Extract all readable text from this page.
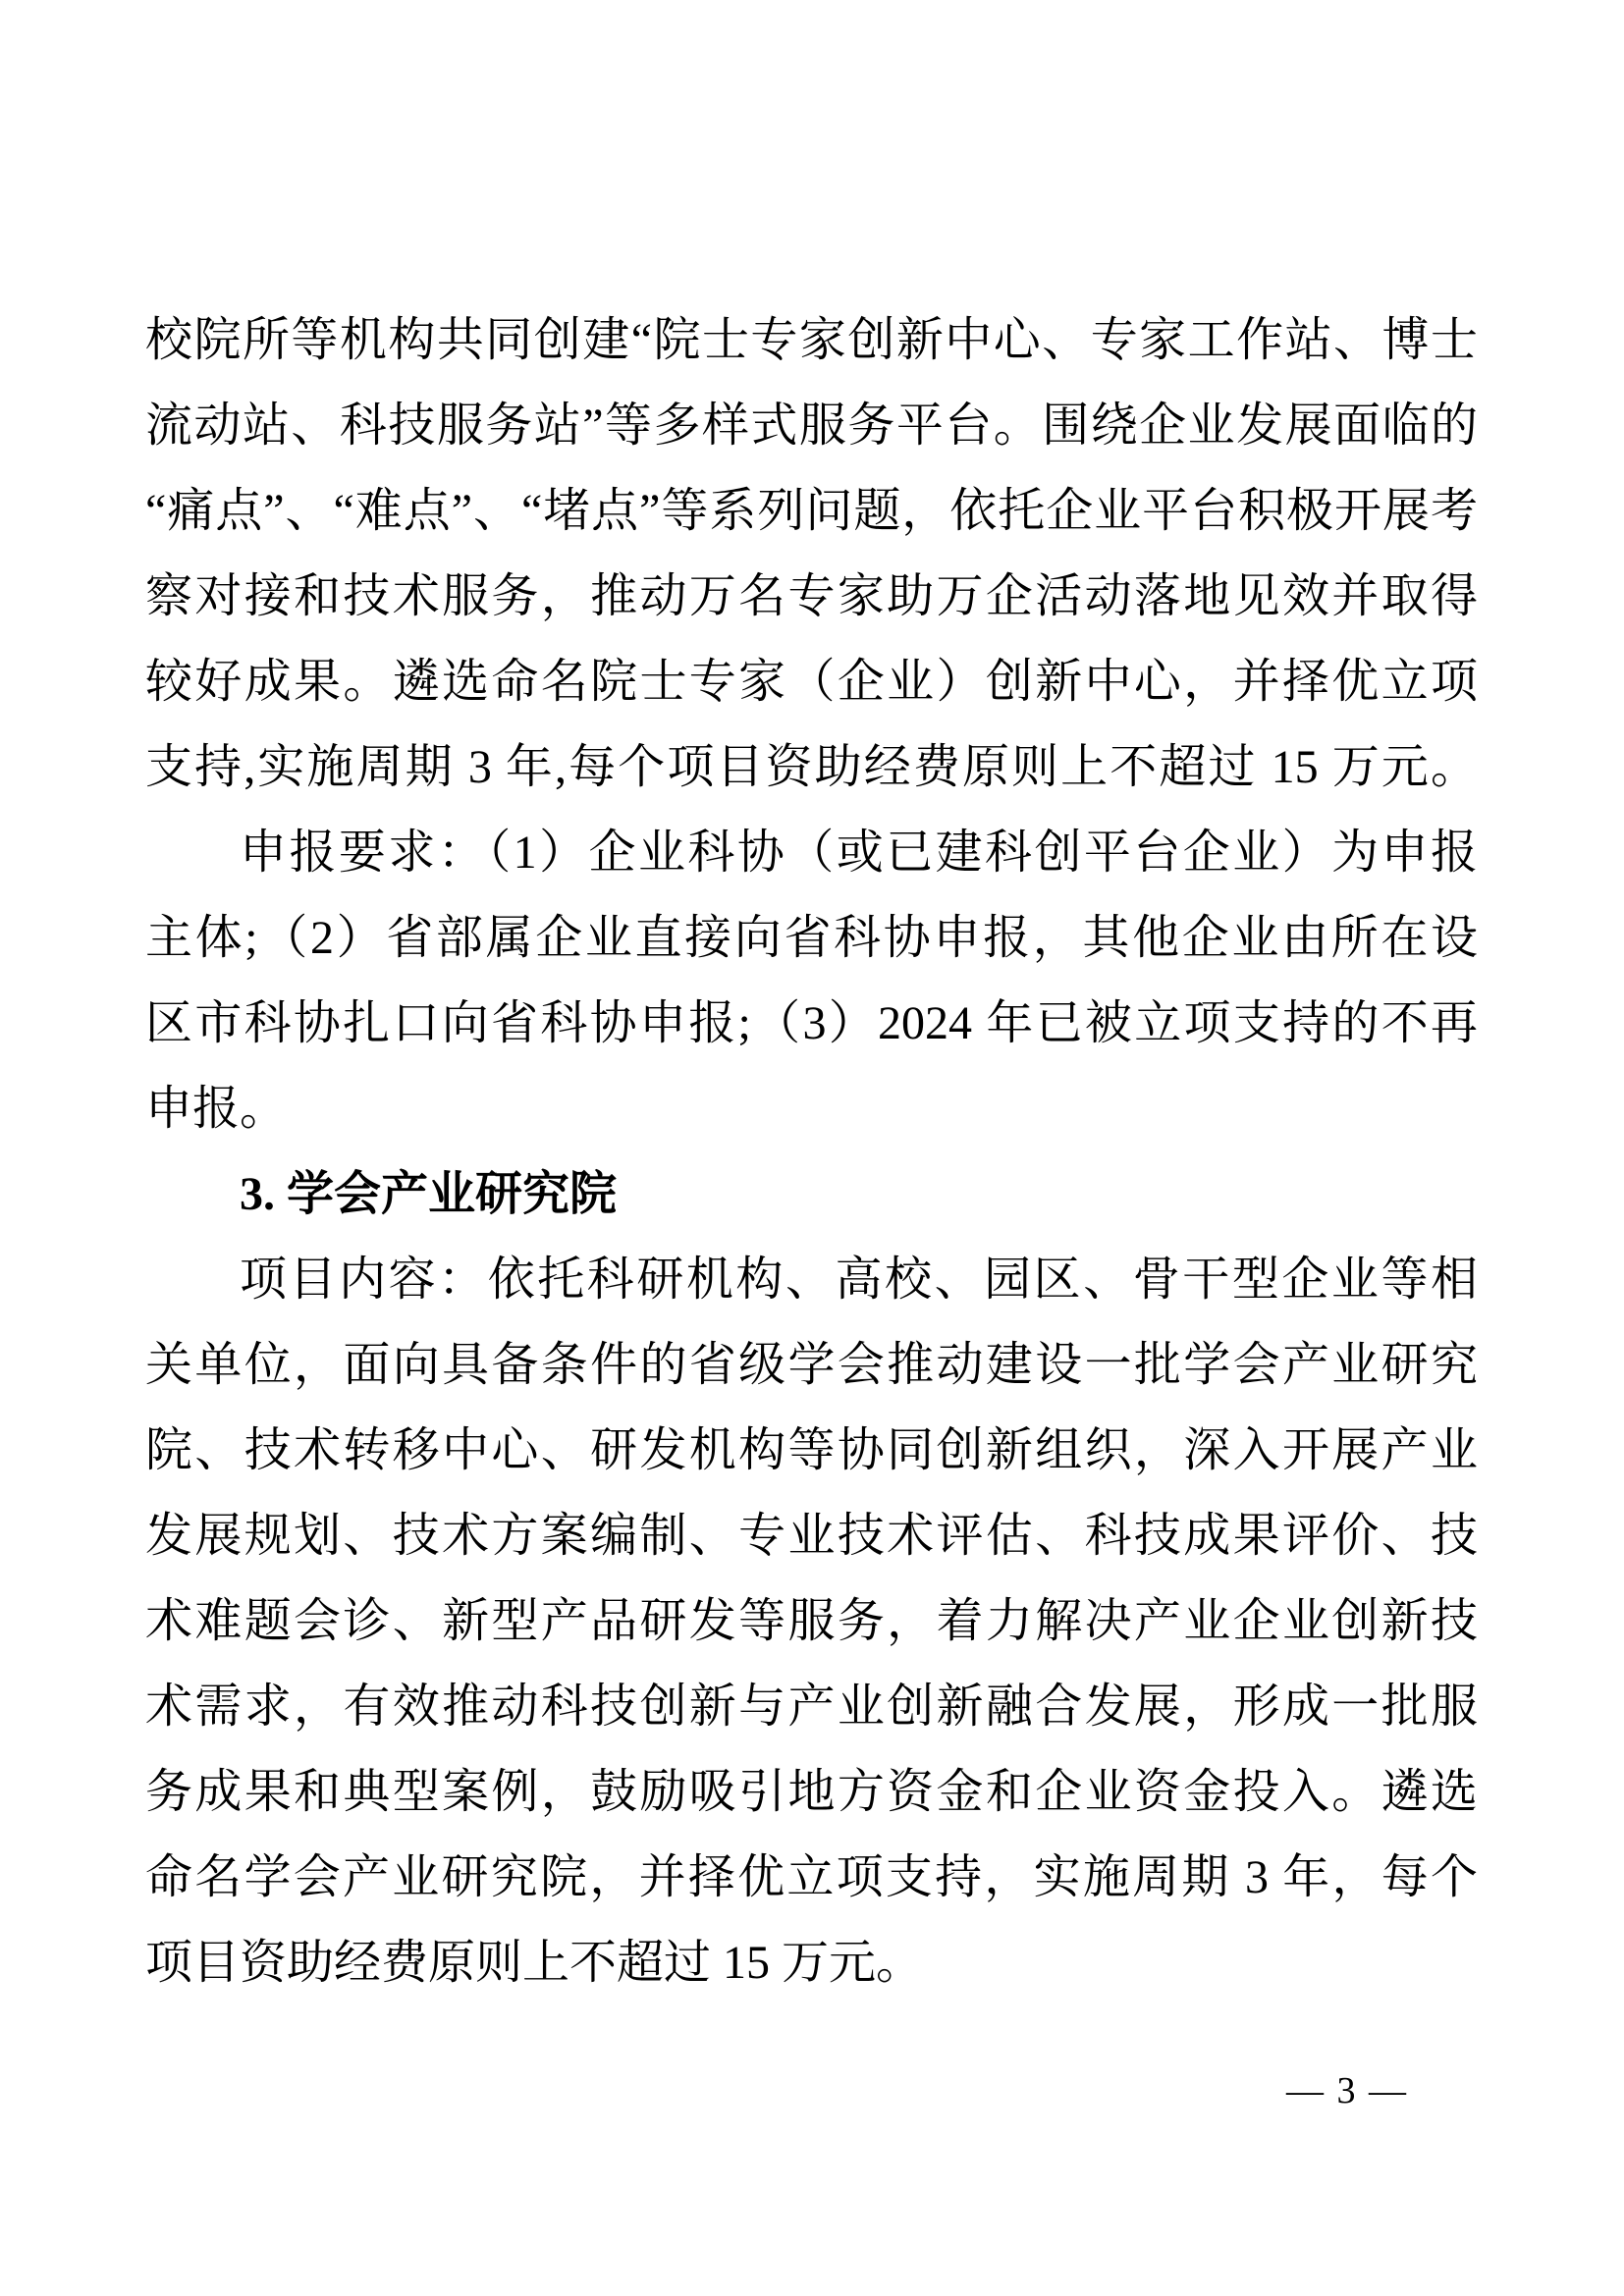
校院所等机构共同创建“院士专家创新中心、专家工作站、博士
流动站、科技服务站”等多样式服务平台。围绕企业发展面临的
“痛点”、“难点”、“堵点”等系列问题，依托企业平台积极开展考
察对接和技术服务，推动万名专家助万企活动落地见效并取得
较好成果。遴选命名院士专家（企业）创新中心，并择优立项
支持,实施周期 3 年,每个项目资助经费原则上不超过 15 万元。
申报要求：（1）企业科协（或已建科创平台企业）为申报
主体;（2）省部属企业直接向省科协申报，其他企业由所在设
区市科协扎口向省科协申报;（3）2024 年已被立项支持的不再
申报。
3. 学会产业研究院
项目内容：依托科研机构、高校、园区、骨干型企业等相
关单位，面向具备条件的省级学会推动建设一批学会产业研究
院、技术转移中心、研发机构等协同创新组织，深入开展产业
发展规划、技术方案编制、专业技术评估、科技成果评价、技
术难题会诊、新型产品研发等服务，着力解决产业企业创新技
术需求，有效推动科技创新与产业创新融合发展，形成一批服
务成果和典型案例，鼓励吸引地方资金和企业资金投入。遴选
命名学会产业研究院，并择优立项支持，实施周期 3 年，每个
项目资助经费原则上不超过 15 万元。
— 3 —
